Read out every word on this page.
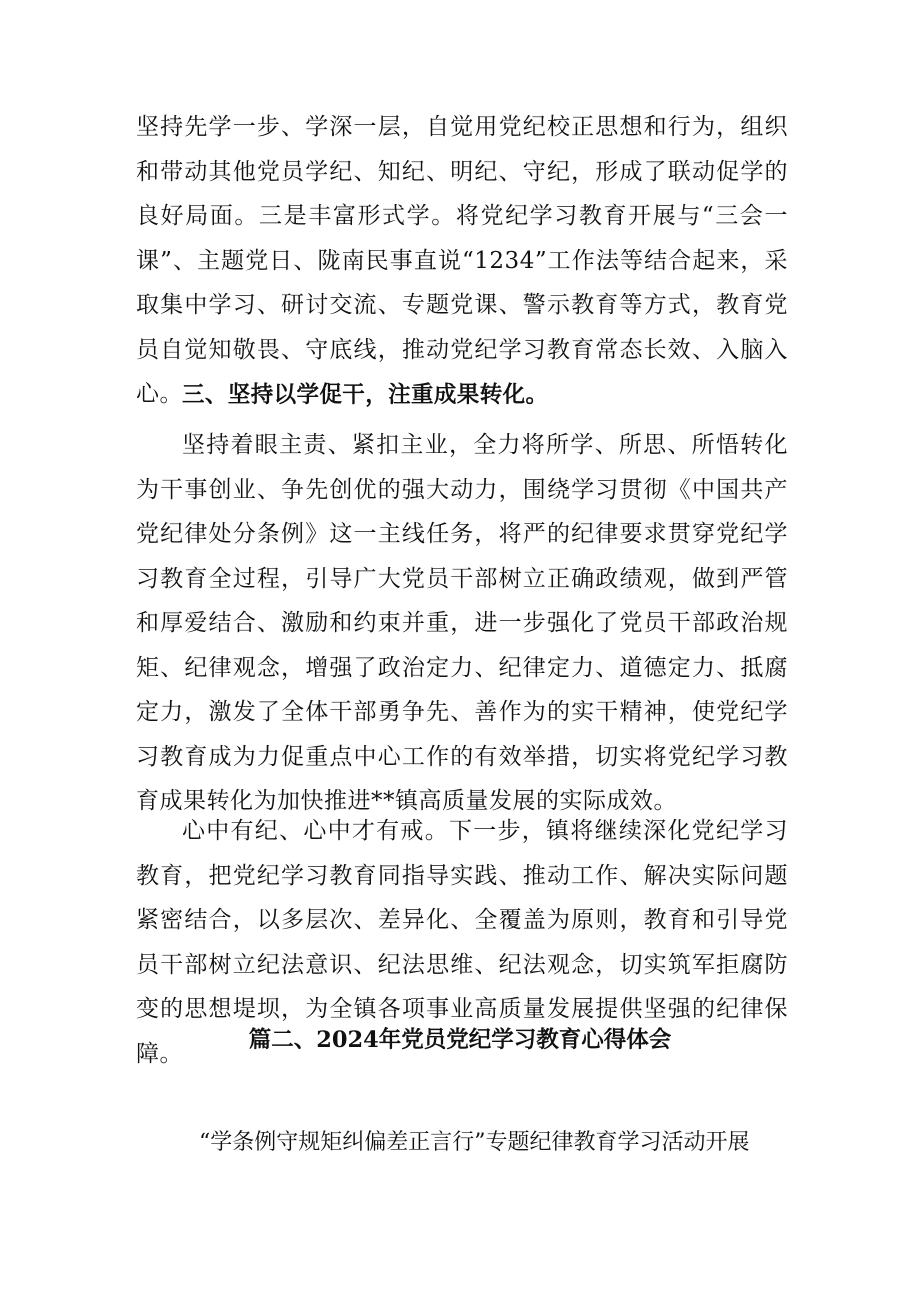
坚持先学一步、学深一层，自觉用党纪校正思想和行为，组织和带动其他党员学纪、知纪、明纪、守纪，形成了联动促学的良好局面。三是丰富形式学。将党纪学习教育开展与“三会一课”、主题党日、陇南民事直说“1234”工作法等结合起来，采取集中学习、研讨交流、专题党课、警示教育等方式，教育党员自觉知敬畏、守底线，推动党纪学习教育常态长效、入脑入心。 三、坚持以学促干，注重成果转化。

坚持着眼主责、紧扣主业，全力将所学、所思、所悟转化为干事创业、争先创优的强大动力，围绕学习贯彻《中国共产党纪律处分条例》这一主线任务，将严的纪律要求贯穿党纪学习教育全过程，引导广大党员干部树立正确政绩观，做到严管和厚爱结合、激励和约束并重，进一步强化了党员干部政治规矩、纪律观念，增强了政治定力、纪律定力、道德定力、抵腐定力，激发了全体干部勇争先、善作为的实干精神，使党纪学习教育成为力促重点中心工作的有效举措，切实将党纪学习教育成果转化为加快推进**镇高质量发展的实际成效。

心中有纪、心中才有戒。下一步，镇将继续深化党纪学习教育，把党纪学习教育同指导实践、推动工作、解决实际问题紧密结合，以多层次、差异化、全覆盖为原则，教育和引导党员干部树立纪法意识、纪法思维、纪法观念，切实筑军拒腐防变的思想堤坝，为全镇各项事业高质量发展提供坚强的纪律保障。

篇二、2024年党员党纪学习教育心得体会

“学条例守规矩纠偏差正言行”专题纪律教育学习活动开展
